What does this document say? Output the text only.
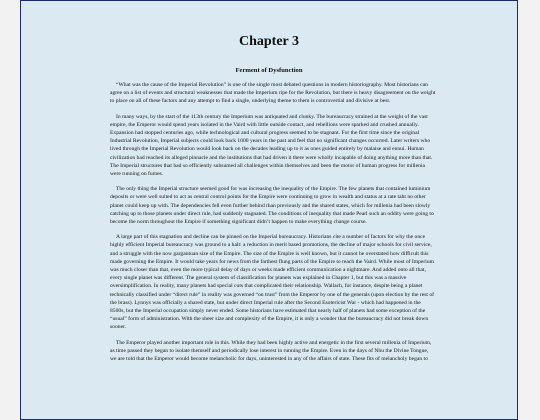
Chapter 3
Ferment of Dysfunction

“What was the cause of the Imperial Revolution” is one of the single most debated questions in modern historiography. Most historians can agree on a list of events and structural weaknesses that made the Imperium ripe for the Revolution, but there is heavy disagreement on the weight to place on all of these factors and any attempt to find a single, underlying theme to them is controvertial and divisive at best.

In many ways, by the start of the 113th century the Imperium was antiquated and clunky. The bureaucracy strained at the weight of the vast empire, the Emperor would spend years isolated in the Vaird with little outside contact, and rebellions were sparked and crushed annually. Expansion had stopped centuries ago, while technological and cultural progress seemed to be stagnant. For the first time since the original Industrial Revolution, Imperial subjects could look back 1000 years in the past and feel that no significant changes occurred. Later writers who lived through the Imperial Revolution would look back on the decades leading up to it as ones guided entirely by malaise and ennui. Human civilization had reached its alleged pinnacle and the institutions that had driven it there were wholly incapable of doing anything more than that. The Imperial structures that had so efficiently subsumed all challenges within themselves and been the motor of human progress for millenia were running on fumes.

The only thing the Imperial structure seemed good for was increasing the inequality of the Empire. The few planets that contained luminium deposits or were well suited to act as central control points for the Empire were continuing to grow in wealth and status at a rate taht no other planet could keep up with. The dependencies fell even further behind than previously and the shared states, which for millenia had been slowly catching up to those planets under direct rule, had suddenly stagnated. The conditions of inequality that made Pearl such an oddity were going to become the norm throughout the Empire if something significant didn’t happen to make everything change course.

A large part of this stagnation and decline can be pinned on the Imperial bureaucracy. Historians cite a number of factors for why the once highly efficient Imperial bureaucracy was ground to a halt: a reduction in merit based promotions, the decline of major schools for civil service, and a struggle with the now gargantuan size of the Empire. The size of the Empire is well known, but it cannot be overstated how difficult this made governing the Empire. It would take years for news from the farthest flung parts of the Empire to reach the Vaird. While most of Imperium was much closer than that, even the more typical delay of days or weeks made efficient communication a nightmare. And added onto all that, every single planet was different. The general system of classification for planets was explained in Chapter 1, but this was a massive oversimplification. In reality, many planets had special cuts that complicated their relationship. Wallach, for instance, despite being a planet technically classified under “direct rule” in reality was governed “on trust” from the Emperor by one of the generals (upon election by the rest of the brass). Lynnys was officially a shared state, but under direct Imperial rule after the Second Esotericist War - which had happened in the 8500s, but the Imperial occupation simply never ended. Some historians have estimated that nearly half of planets had some exception of the “usual” form of administration. With the sheer size and complexity of the Empire, it is only a wonder that the bureaucracy did not break down sooner.

The Emperor played another important role in this. While they had been highly active and energetic in the first several millenia of Imperium, as time passed they began to isolate themself and periodically lose interest in running the Empire. Even in the days of Nhu the Divine Tongue, we are told that the Emperor would become melancholic for days, uninterested in any of the affairs of state. These fits of melancholy began to
